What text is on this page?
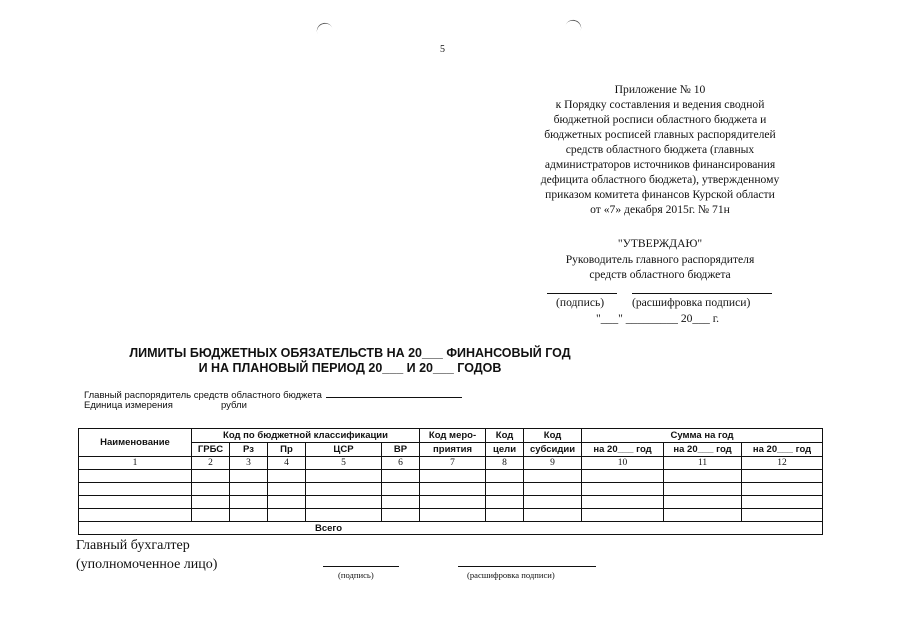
5
Приложение № 10
к Порядку составления и ведения сводной
бюджетной росписи областного бюджета и
бюджетных росписей главных распорядителей
средств областного бюджета (главных
администраторов источников финансирования
дефицита областного бюджета), утвержденному
приказом комитета финансов Курской области
от «7» декабря 2015г. № 71н
"УТВЕРЖДАЮ"
Руководитель главного распорядителя
средств областного бюджета
(подпись) (расшифровка подписи)
"___" _________ 20___ г.
ЛИМИТЫ БЮДЖЕТНЫХ ОБЯЗАТЕЛЬСТВ НА 20___ ФИНАНСОВЫЙ ГОД
И НА ПЛАНОВЫЙ ПЕРИОД 20___ И 20___ ГОДОВ
Главный распорядитель средств областного бюджета
Единица измерения	рубли
Наименование	Код по бюджетной классификации					Код меро-	Код	Код	Сумма на год		
	ГРБС	Рз	Пр	ЦСР	ВР	приятия	цели	субсидии	на 20___ год	на 20___ год	на 20___ год
1	2	3	4	5	6	7	8	9	10	11	12

Всего											
Главный бухгалтер
(уполномоченное лицо)
(подпись)	(расшифровка подписи)
